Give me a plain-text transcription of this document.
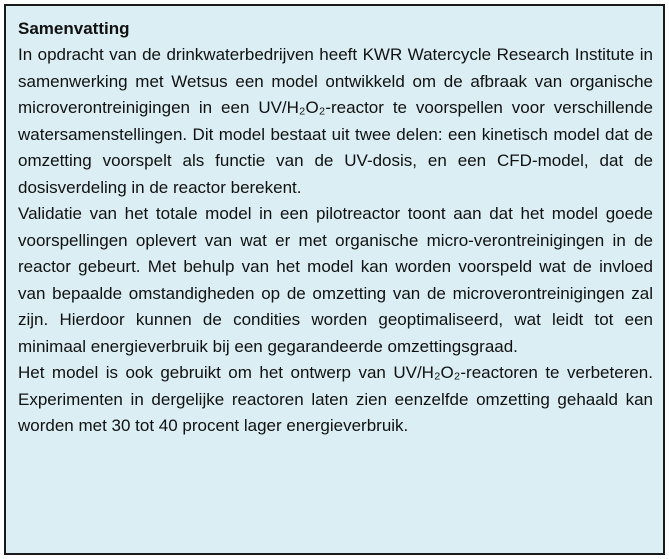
Samenvatting

In opdracht van de drinkwaterbedrijven heeft KWR Watercycle Research Institute in samenwerking met Wetsus een model ontwikkeld om de afbraak van organische microverontreinigingen in een UV/H₂O₂-reactor te voorspellen voor verschillende watersamenstellingen. Dit model bestaat uit twee delen: een kinetisch model dat de omzetting voorspelt als functie van de UV-dosis, en een CFD-model, dat de dosisverdeling in de reactor berekent.

Validatie van het totale model in een pilotreactor toont aan dat het model goede voorspellingen oplevert van wat er met organische micro-verontreinigingen in de reactor gebeurt. Met behulp van het model kan worden voorspeld wat de invloed van bepaalde omstandigheden op de omzetting van de microverontreinigingen zal zijn. Hierdoor kunnen de condities worden geoptimaliseerd, wat leidt tot een minimaal energieverbruik bij een gegarandeerde omzettingsgraad.

Het model is ook gebruikt om het ontwerp van UV/H₂O₂-reactoren te verbeteren. Experimenten in dergelijke reactoren laten zien eenzelfde omzetting gehaald kan worden met 30 tot 40 procent lager energieverbruik.
